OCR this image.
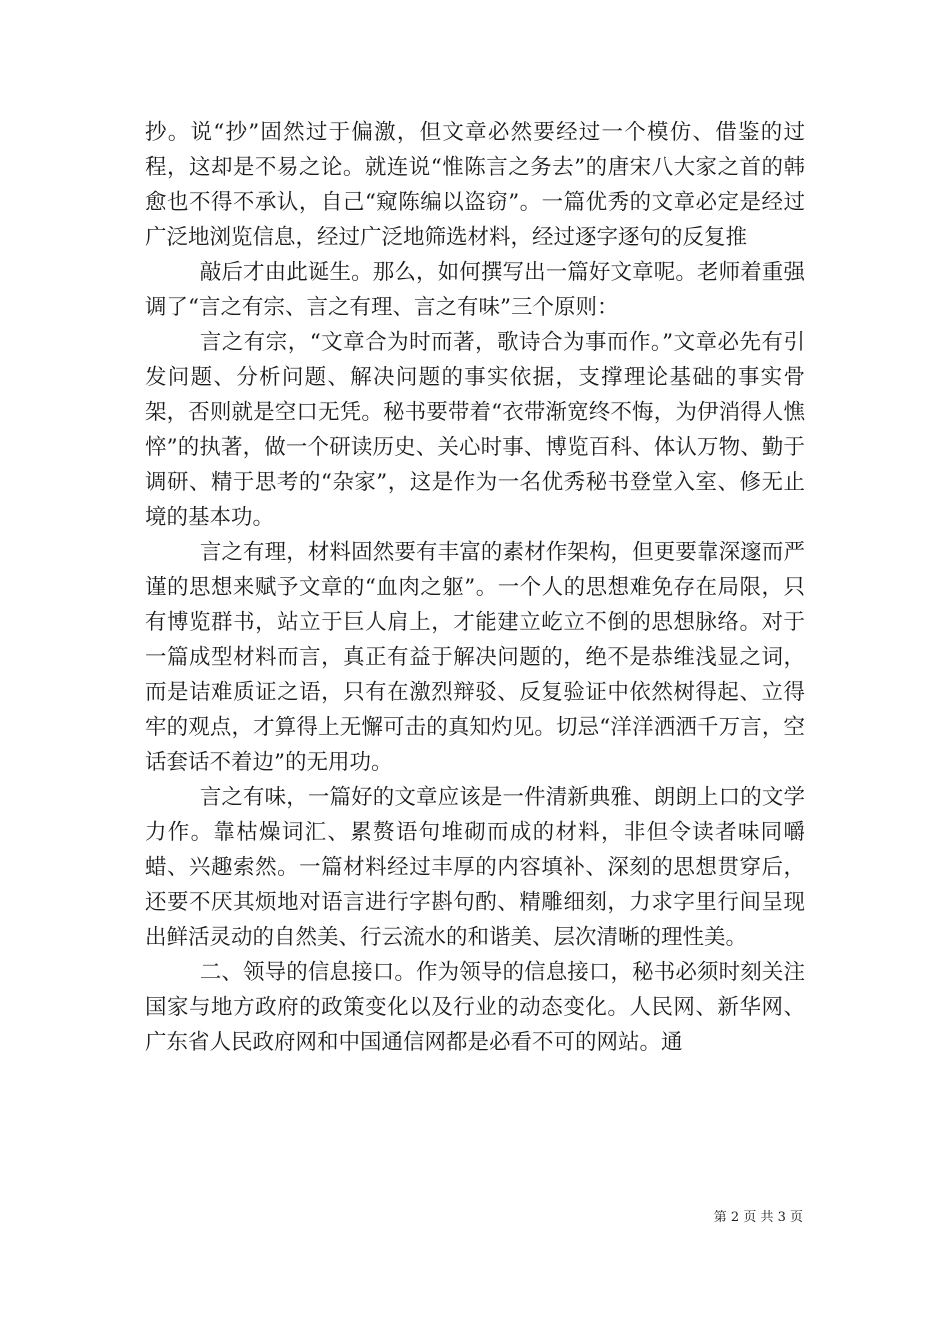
抄。说“抄”固然过于偏激，但文章必然要经过一个模仿、借鉴的过程，这却是不易之论。就连说“惟陈言之务去”的唐宋八大家之首的韩愈也不得不承认，自己“窥陈编以盗窃”。一篇优秀的文章必定是经过广泛地浏览信息，经过广泛地筛选材料，经过逐字逐句的反复推

敲后才由此诞生。那么，如何撰写出一篇好文章呢。老师着重强调了“言之有宗、言之有理、言之有味”三个原则：

言之有宗，“文章合为时而著，歌诗合为事而作。”文章必先有引发问题、分析问题、解决问题的事实依据，支撑理论基础的事实骨架，否则就是空口无凭。秘书要带着“衣带渐宽终不悔，为伊消得人憔悴”的执著，做一个研读历史、关心时事、博览百科、体认万物、勤于调研、精于思考的“杂家”，这是作为一名优秀秘书登堂入室、修无止境的基本功。

言之有理，材料固然要有丰富的素材作架构，但更要靠深邃而严谨的思想来赋予文章的“血肉之躯”。一个人的思想难免存在局限，只有博览群书，站立于巨人肩上，才能建立屹立不倒的思想脉络。对于一篇成型材料而言，真正有益于解决问题的，绝不是恭维浅显之词，而是诘难质证之语，只有在激烈辩驳、反复验证中依然树得起、立得牢的观点，才算得上无懈可击的真知灼见。切忌“洋洋洒洒千万言，空话套话不着边”的无用功。

言之有味，一篇好的文章应该是一件清新典雅、朗朗上口的文学力作。靠枯燥词汇、累赘语句堆砌而成的材料，非但令读者味同嚼蜡、兴趣索然。一篇材料经过丰厚的内容填补、深刻的思想贯穿后，还要不厌其烦地对语言进行字斟句酌、精雕细刻，力求字里行间呈现出鲜活灵动的自然美、行云流水的和谐美、层次清晰的理性美。

二、领导的信息接口。作为领导的信息接口，秘书必须时刻关注国家与地方政府的政策变化以及行业的动态变化。人民网、新华网、广东省人民政府网和中国通信网都是必看不可的网站。通

第 2 页 共 3 页
